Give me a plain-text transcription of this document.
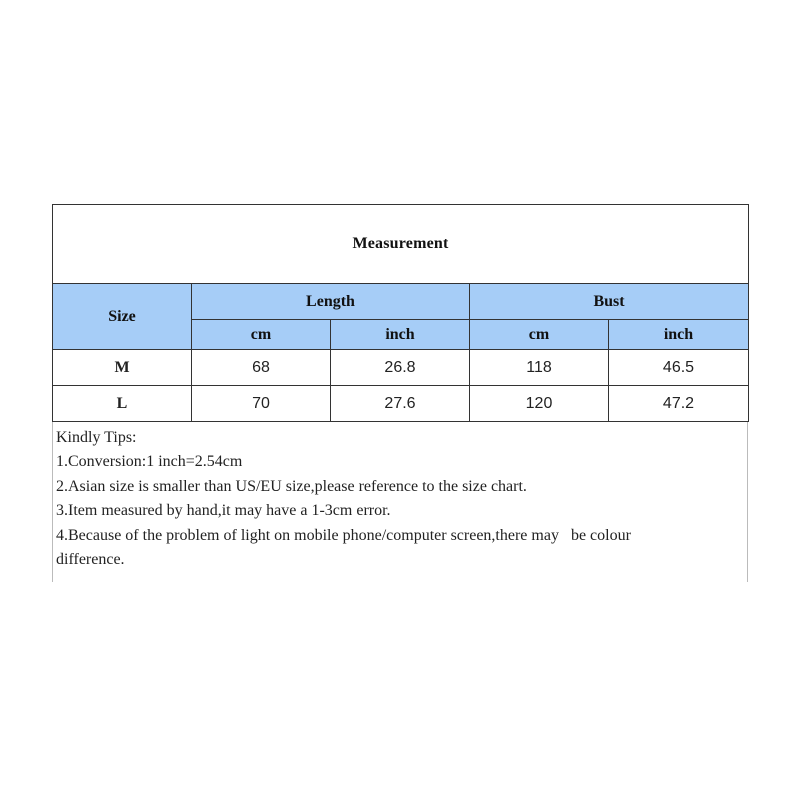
Measurement				
Size	Length		Bust	
	cm	inch	cm	inch
M	68	26.8	118	46.5
L	70	27.6	120	47.2
Kindly Tips:
1.Conversion:1 inch=2.54cm
2.Asian size is smaller than US/EU size,please reference to the size chart.
3.Item measured by hand,it may have a 1-3cm error.
4.Because of the problem of light on mobile phone/computer screen,there may   be colour
difference.
